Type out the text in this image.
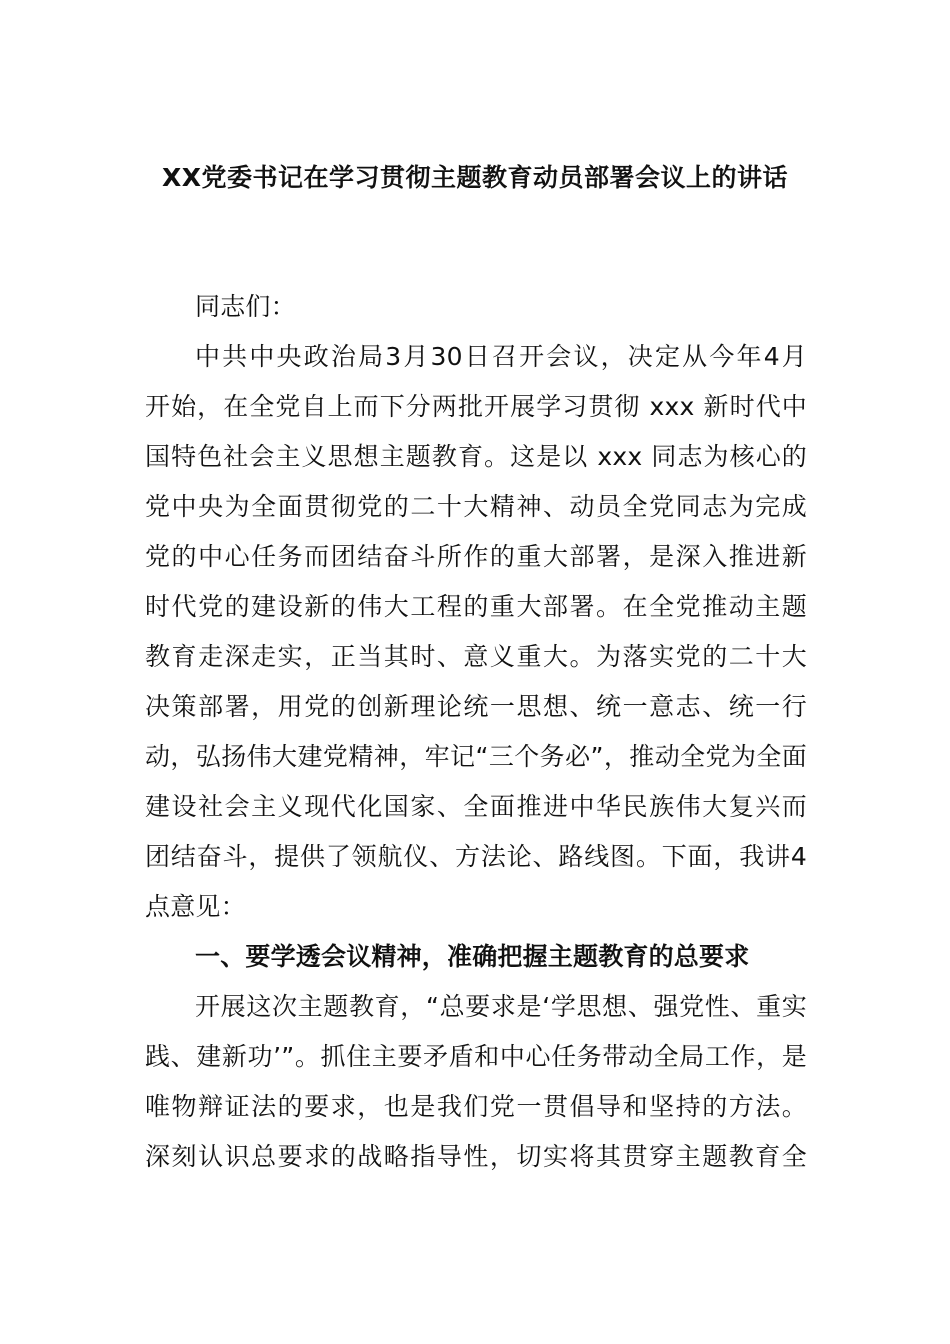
XX党委书记在学习贯彻主题教育动员部署会议上的讲话
同志们：
中共中央政治局3月30日召开会议，决定从今年4月
开始，在全党自上而下分两批开展学习贯彻 xxx 新时代中
国特色社会主义思想主题教育。这是以 xxx 同志为核心的
党中央为全面贯彻党的二十大精神、动员全党同志为完成
党的中心任务而团结奋斗所作的重大部署，是深入推进新
时代党的建设新的伟大工程的重大部署。在全党推动主题
教育走深走实，正当其时、意义重大。为落实党的二十大
决策部署，用党的创新理论统一思想、统一意志、统一行
动，弘扬伟大建党精神，牢记“三个务必”，推动全党为全面
建设社会主义现代化国家、全面推进中华民族伟大复兴而
团结奋斗，提供了领航仪、方法论、路线图。下面，我讲4
点意见：
一、要学透会议精神，准确把握主题教育的总要求
开展这次主题教育，“总要求是‘学思想、强党性、重实
践、建新功’”。抓住主要矛盾和中心任务带动全局工作，是
唯物辩证法的要求，也是我们党一贯倡导和坚持的方法。
深刻认识总要求的战略指导性，切实将其贯穿主题教育全
